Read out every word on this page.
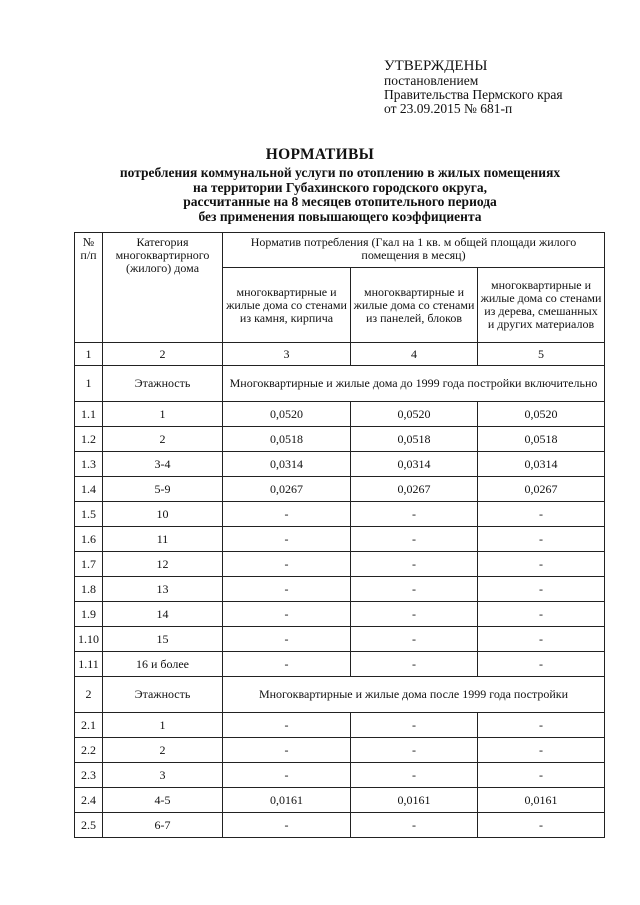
УТВЕРЖДЕНЫ
постановлением
Правительства Пермского края
от 23.09.2015 № 681-п
НОРМАТИВЫ
потребления коммунальной услуги по отоплению в жилых помещениях
на территории Губахинского городского округа,
рассчитанные на 8 месяцев отопительного периода
без применения повышающего коэффициента
№ п/п	Категория многоквартирного (жилого) дома	Норматив потребления (Гкал на 1 кв. м общей площади жилого помещения в месяц)		
		многоквартирные и жилые дома со стенами из камня, кирпича	многоквартирные и жилые дома со стенами из панелей, блоков	многоквартирные и жилые дома со стенами из дерева, смешанных и других материалов
1	2	3	4	5
1	Этажность	Многоквартирные и жилые дома до 1999 года постройки включительно		
1.1	1	0,0520	0,0520	0,0520
1.2	2	0,0518	0,0518	0,0518
1.3	3-4	0,0314	0,0314	0,0314
1.4	5-9	0,0267	0,0267	0,0267
1.5	10	-	-	-
1.6	11	-	-	-
1.7	12	-	-	-
1.8	13	-	-	-
1.9	14	-	-	-
1.10	15	-	-	-
1.11	16 и более	-	-	-
2	Этажность	Многоквартирные и жилые дома после 1999 года постройки		
2.1	1	-	-	-
2.2	2	-	-	-
2.3	3	-	-	-
2.4	4-5	0,0161	0,0161	0,0161
2.5	6-7	-	-	-
